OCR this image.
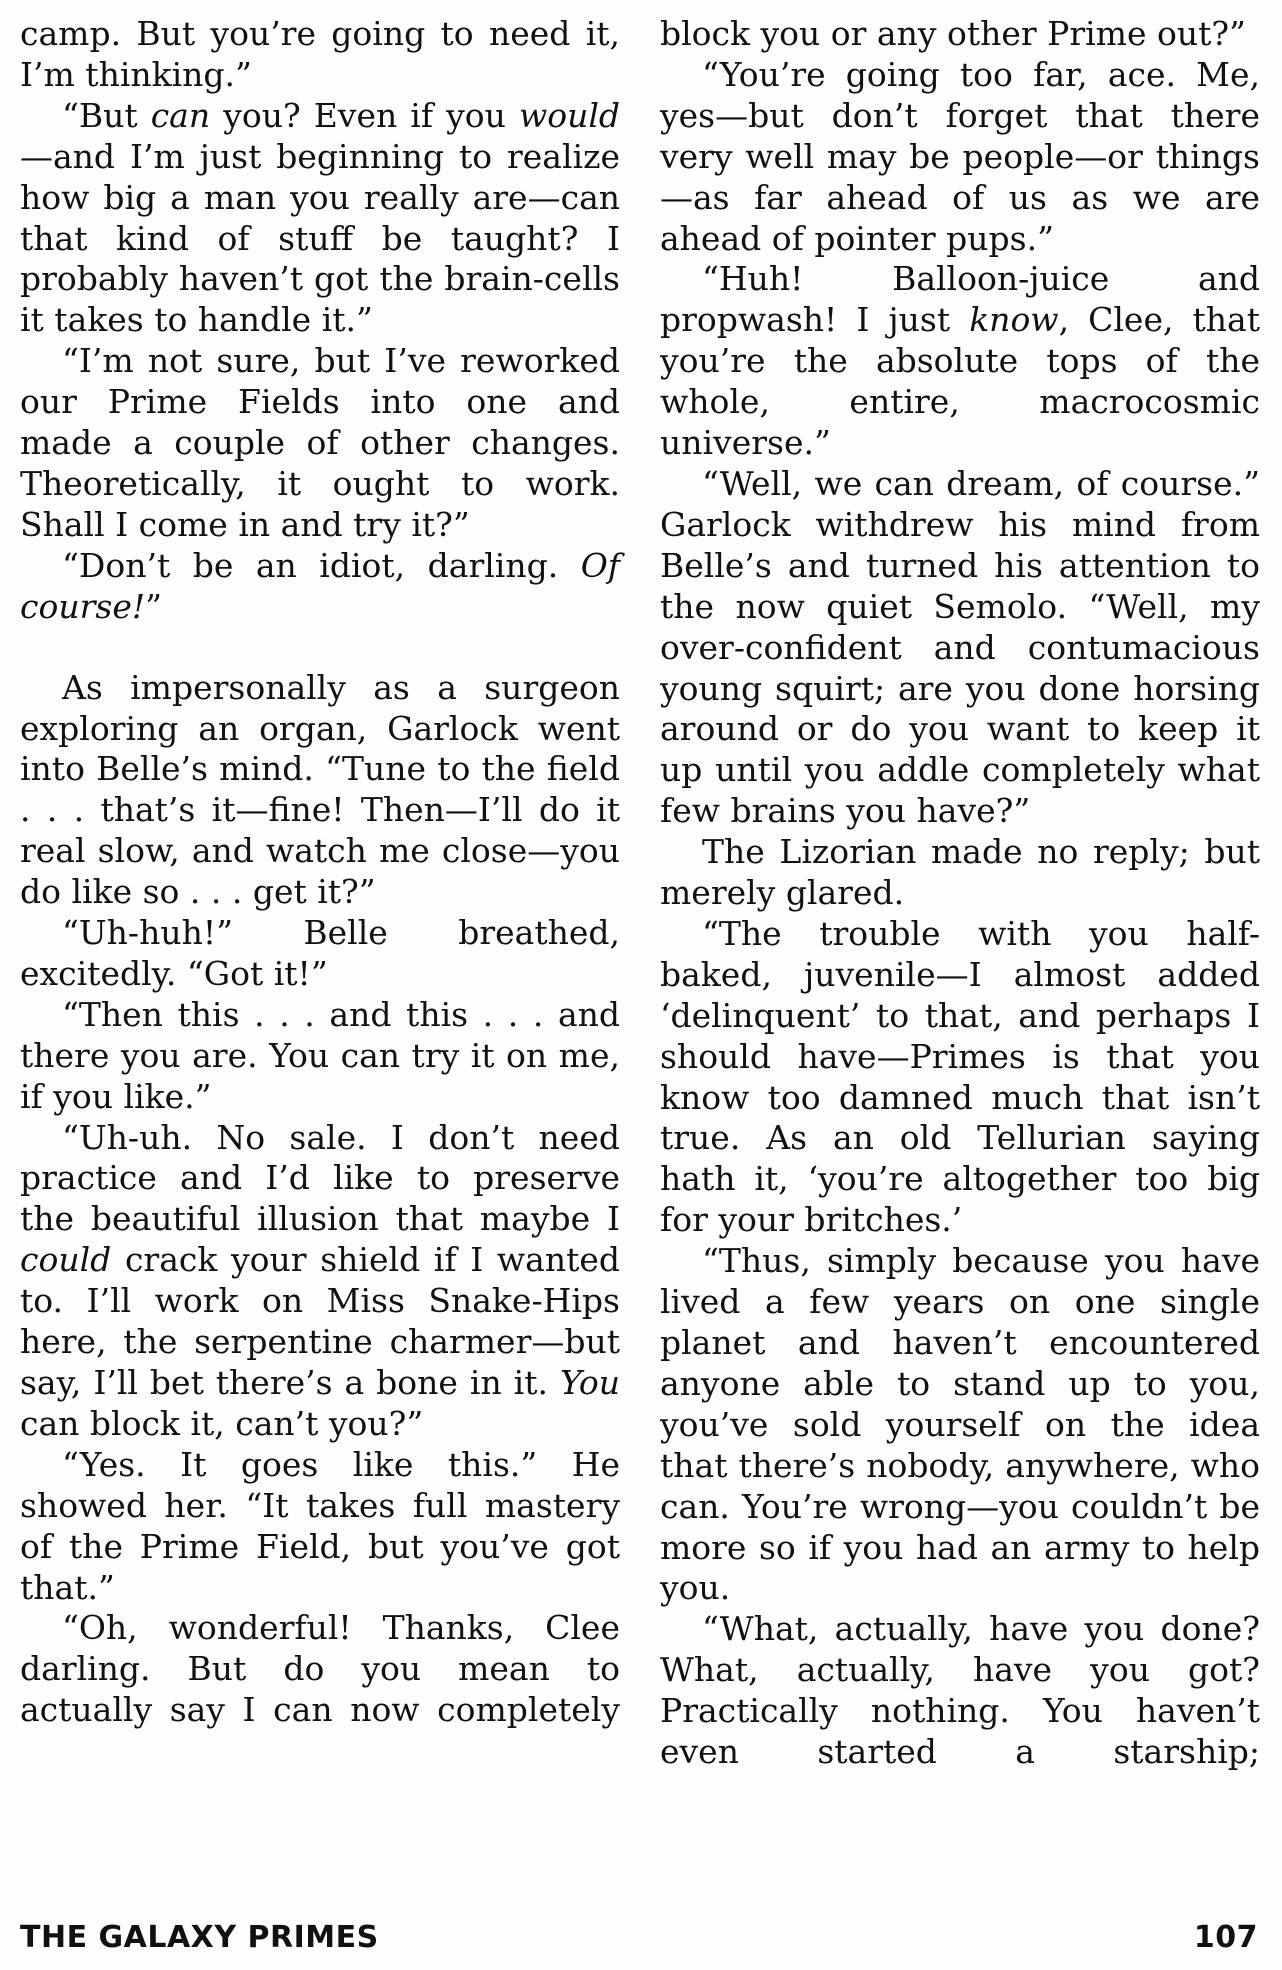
camp. But you’re going to need it, I’m thinking.”

“But can you? Even if you would—and I’m just beginning to realize how big a man you really are—can that kind of stuff be taught? I probably haven’t got the brain-cells it takes to handle it.”

“I’m not sure, but I’ve reworked our Prime Fields into one and made a couple of other changes. Theoretically, it ought to work. Shall I come in and try it?”

“Don’t be an idiot, darling. Of course!”

As impersonally as a surgeon exploring an organ, Garlock went into Belle’s mind. “Tune to the field . . . that’s it—fine! Then—I’ll do it real slow, and watch me close—you do like so . . . get it?”

“Uh-huh!” Belle breathed, excitedly. “Got it!”

“Then this . . . and this . . . and there you are. You can try it on me, if you like.”

“Uh-uh. No sale. I don’t need practice and I’d like to preserve the beautiful illusion that maybe I could crack your shield if I wanted to. I’ll work on Miss Snake-Hips here, the serpentine charmer—but say, I’ll bet there’s a bone in it. You can block it, can’t you?”

“Yes. It goes like this.” He showed her. “It takes full mastery of the Prime Field, but you’ve got that.”

“Oh, wonderful! Thanks, Clee darling. But do you mean to actually say I can now completely

block you or any other Prime out?”

“You’re going too far, ace. Me, yes—but don’t forget that there very well may be people—or things—as far ahead of us as we are ahead of pointer pups.”

“Huh! Balloon-juice and propwash! I just know, Clee, that you’re the absolute tops of the whole, entire, macrocosmic universe.”

“Well, we can dream, of course.” Garlock withdrew his mind from Belle’s and turned his attention to the now quiet Semolo. “Well, my over-confident and contumacious young squirt; are you done horsing around or do you want to keep it up until you addle completely what few brains you have?”

The Lizorian made no reply; but merely glared.

“The trouble with you half-baked, juvenile—I almost added ‘delinquent’ to that, and perhaps I should have—Primes is that you know too damned much that isn’t true. As an old Tellurian saying hath it, ‘you’re altogether too big for your britches.’

“Thus, simply because you have lived a few years on one single planet and haven’t encountered anyone able to stand up to you, you’ve sold yourself on the idea that there’s nobody, anywhere, who can. You’re wrong—you couldn’t be more so if you had an army to help you.

“What, actually, have you done? What, actually, have you got? Practically nothing. You haven’t even started a starship;

THE GALAXY PRIMES	107
